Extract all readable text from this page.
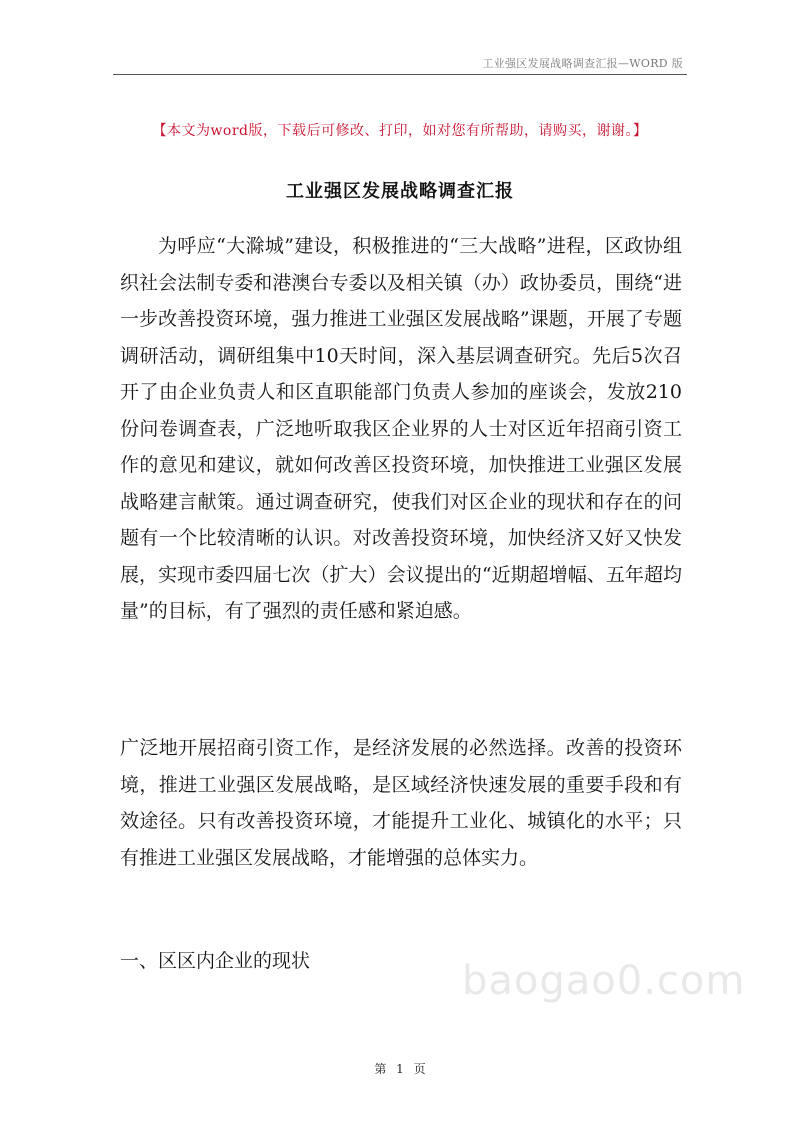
工业强区发展战略调查汇报—WORD 版
【本文为word版，下载后可修改、打印，如对您有所帮助，请购买，谢谢。】
工业强区发展战略调查汇报

为呼应“大滁城”建设，积极推进的“三大战略”进程，区政协组织社会法制专委和港澳台专委以及相关镇（办）政协委员，围绕“进一步改善投资环境，强力推进工业强区发展战略”课题，开展了专题调研活动，调研组集中10天时间，深入基层调查研究。先后5次召开了由企业负责人和区直职能部门负责人参加的座谈会，发放210份问卷调查表，广泛地听取我区企业界的人士对区近年招商引资工作的意见和建议，就如何改善区投资环境，加快推进工业强区发展战略建言献策。通过调查研究，使我们对区企业的现状和存在的问题有一个比较清晰的认识。对改善投资环境，加快经济又好又快发展，实现市委四届七次（扩大）会议提出的“近期超增幅、五年超均量”的目标，有了强烈的责任感和紧迫感。

广泛地开展招商引资工作，是经济发展的必然选择。改善的投资环境，推进工业强区发展战略，是区域经济快速发展的重要手段和有效途径。只有改善投资环境，才能提升工业化、城镇化的水平；只有推进工业强区发展战略，才能增强的总体实力。

一、区区内企业的现状	baogao0.com
第 1 页
